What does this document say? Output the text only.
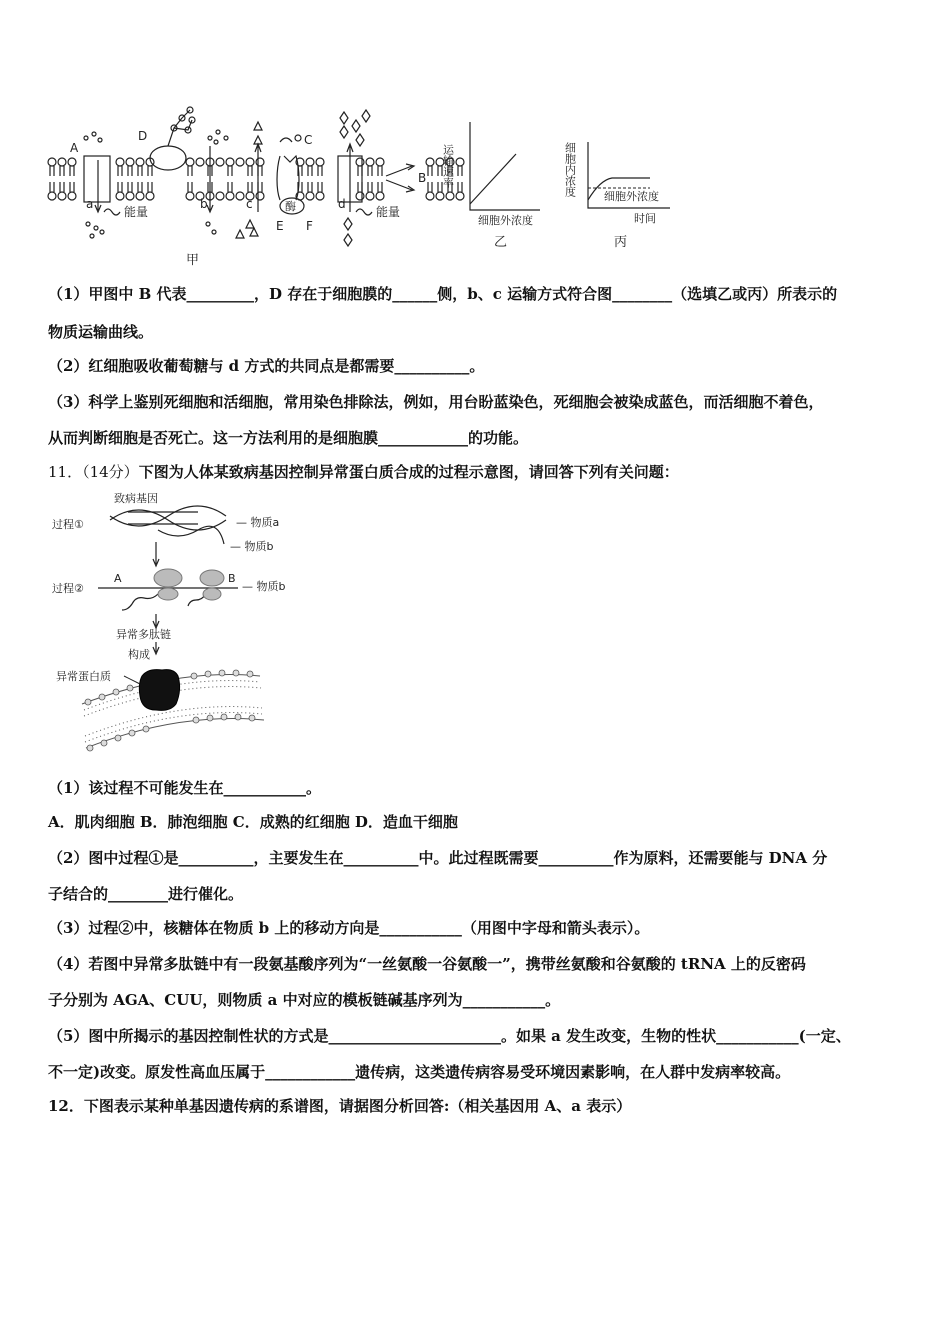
A
B
C
D
E F
a	b	c	d
酶
能量	能量
甲
运输速率
细胞外浓度
乙
细胞内浓度	细胞外浓度
时间
丙
（1）甲图中 B 代表_________，D 存在于细胞膜的______侧，b、c 运输方式符合图________（选填乙或丙）所表示的
物质运输曲线。
（2）红细胞吸收葡萄糖与 d 方式的共同点是都需要__________。
（3）科学上鉴别死细胞和活细胞，常用染色排除法，例如，用台盼蓝染色，死细胞会被染成蓝色，而活细胞不着色，
从而判断细胞是否死亡。这一方法利用的是细胞膜____________的功能。
11．（14分）下图为人体某致病基因控制异常蛋白质合成的过程示意图，请回答下列有关问题：
致病基因
过程①	— 物质a
— 物质b
过程②
A	B
— 物质b
异常多肽链
构成
异常蛋白质
（1）该过程不可能发生在___________。
A．肌肉细胞 B．肺泡细胞 C．成熟的红细胞 D．造血干细胞
（2）图中过程①是__________，主要发生在__________中。此过程既需要__________作为原料，还需要能与 DNA 分
子结合的________进行催化。
（3）过程②中，核糖体在物质 b 上的移动方向是___________（用图中字母和箭头表示）。
（4）若图中异常多肽链中有一段氨基酸序列为“一丝氨酸一谷氨酸一”，携带丝氨酸和谷氨酸的 tRNA 上的反密码
子分别为 AGA、CUU，则物质 a 中对应的模板链碱基序列为___________。
（5）图中所揭示的基因控制性状的方式是_______________________。如果 a 发生改变，生物的性状___________(一定、
不一定)改变。原发性高血压属于____________遗传病，这类遗传病容易受环境因素影响，在人群中发病率较高。
12．下图表示某种单基因遗传病的系谱图，请据图分析回答:（相关基因用 A、a 表示）
